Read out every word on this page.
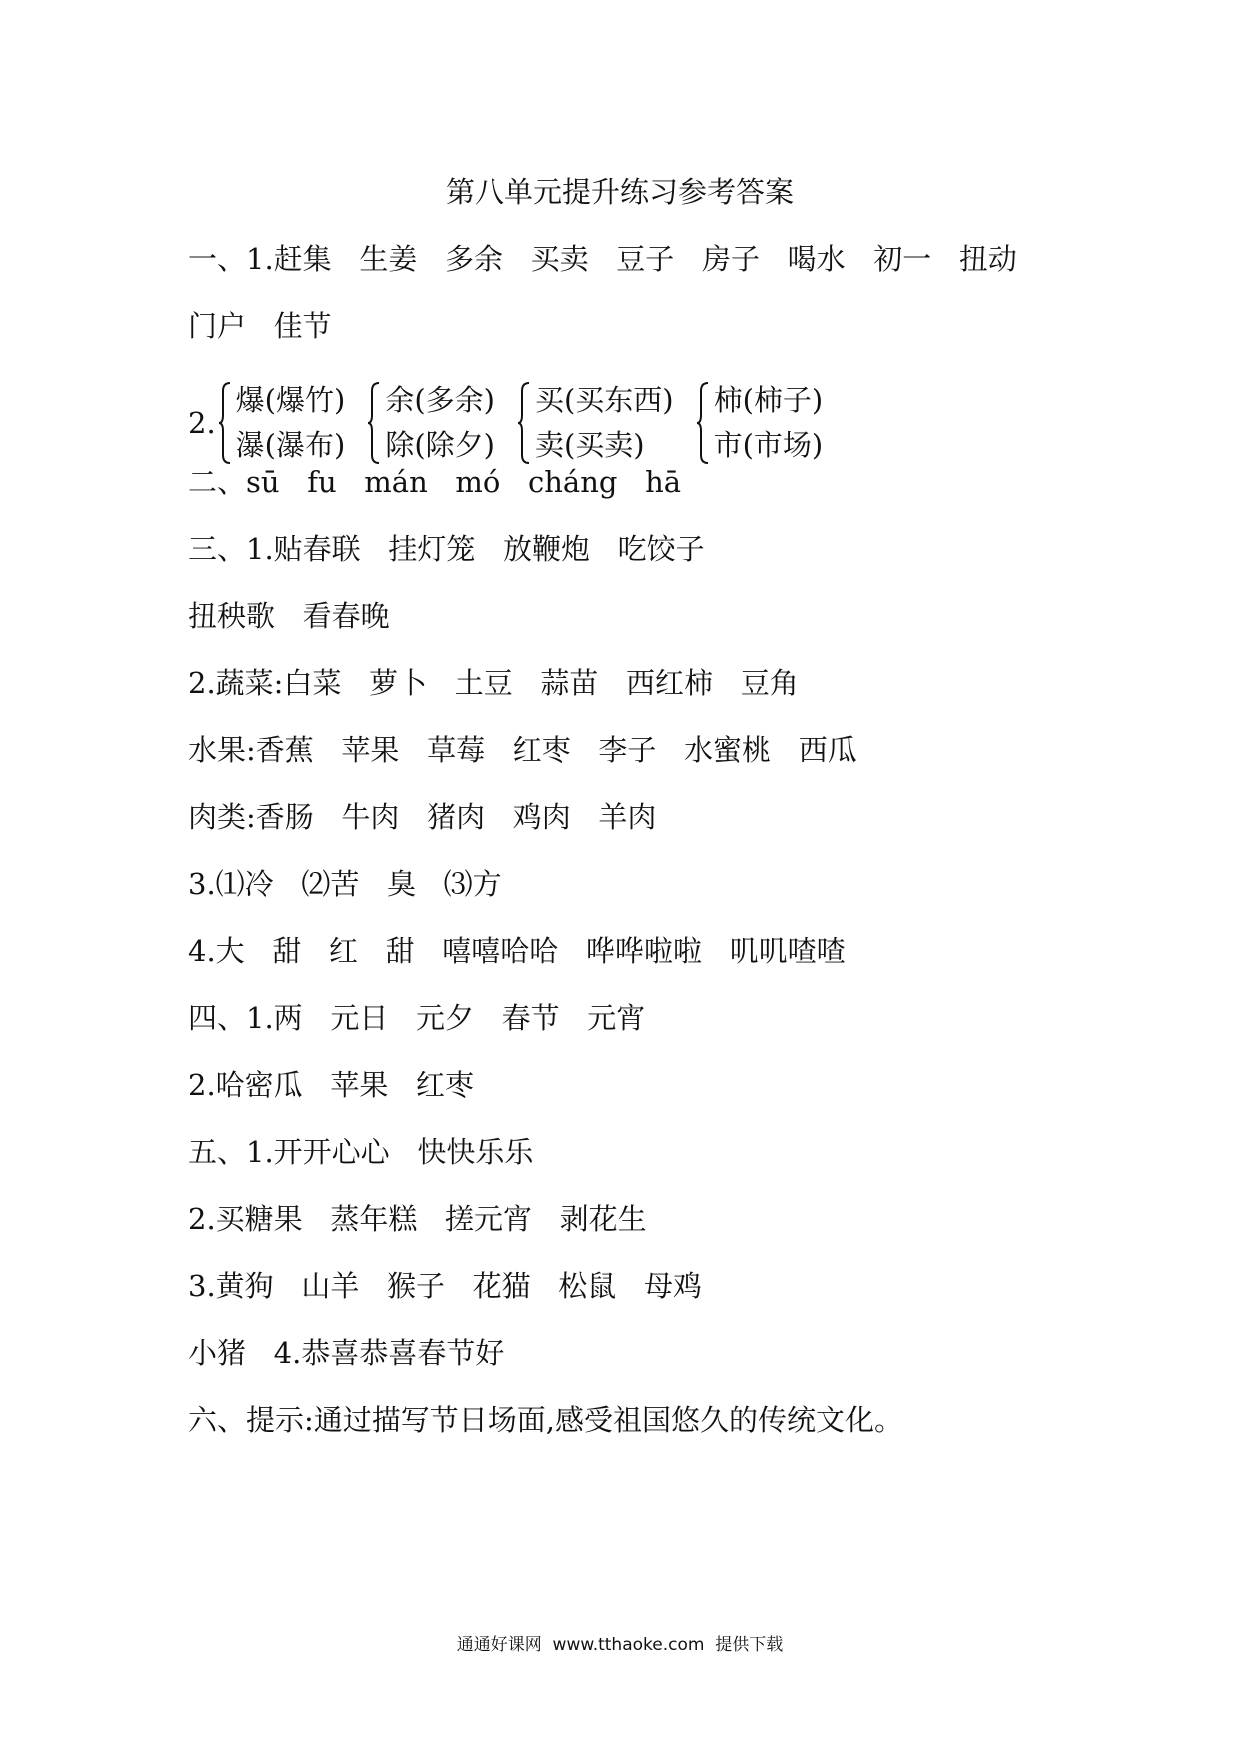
第八单元提升练习参考答案

一、1.赶集   生姜   多余   买卖   豆子   房子   喝水   初一   扭动

门户   佳节

2.
爆(爆竹)
瀑(瀑布)
余(多余)
除(除夕)
买(买东西)
卖(买卖)
柿(柿子)
市(市场)

二、sū   fu   mán   mó   cháng   hā

三、1.贴春联   挂灯笼   放鞭炮   吃饺子

扭秧歌   看春晚

2.蔬菜:白菜   萝卜   土豆   蒜苗   西红柿   豆角

水果:香蕉   苹果   草莓   红枣   李子   水蜜桃   西瓜

肉类:香肠   牛肉   猪肉   鸡肉   羊肉

3.⑴冷   ⑵苦   臭   ⑶方

4.大   甜   红   甜   嘻嘻哈哈   哗哗啦啦   叽叽喳喳

四、1.两   元日   元夕   春节   元宵

2.哈密瓜   苹果   红枣

五、1.开开心心   快快乐乐

2.买糖果   蒸年糕   搓元宵   剥花生

3.黄狗   山羊   猴子   花猫   松鼠   母鸡

小猪   4.恭喜恭喜春节好

六、提示:通过描写节日场面,感受祖国悠久的传统文化。

通通好课网  www.tthaoke.com  提供下载
